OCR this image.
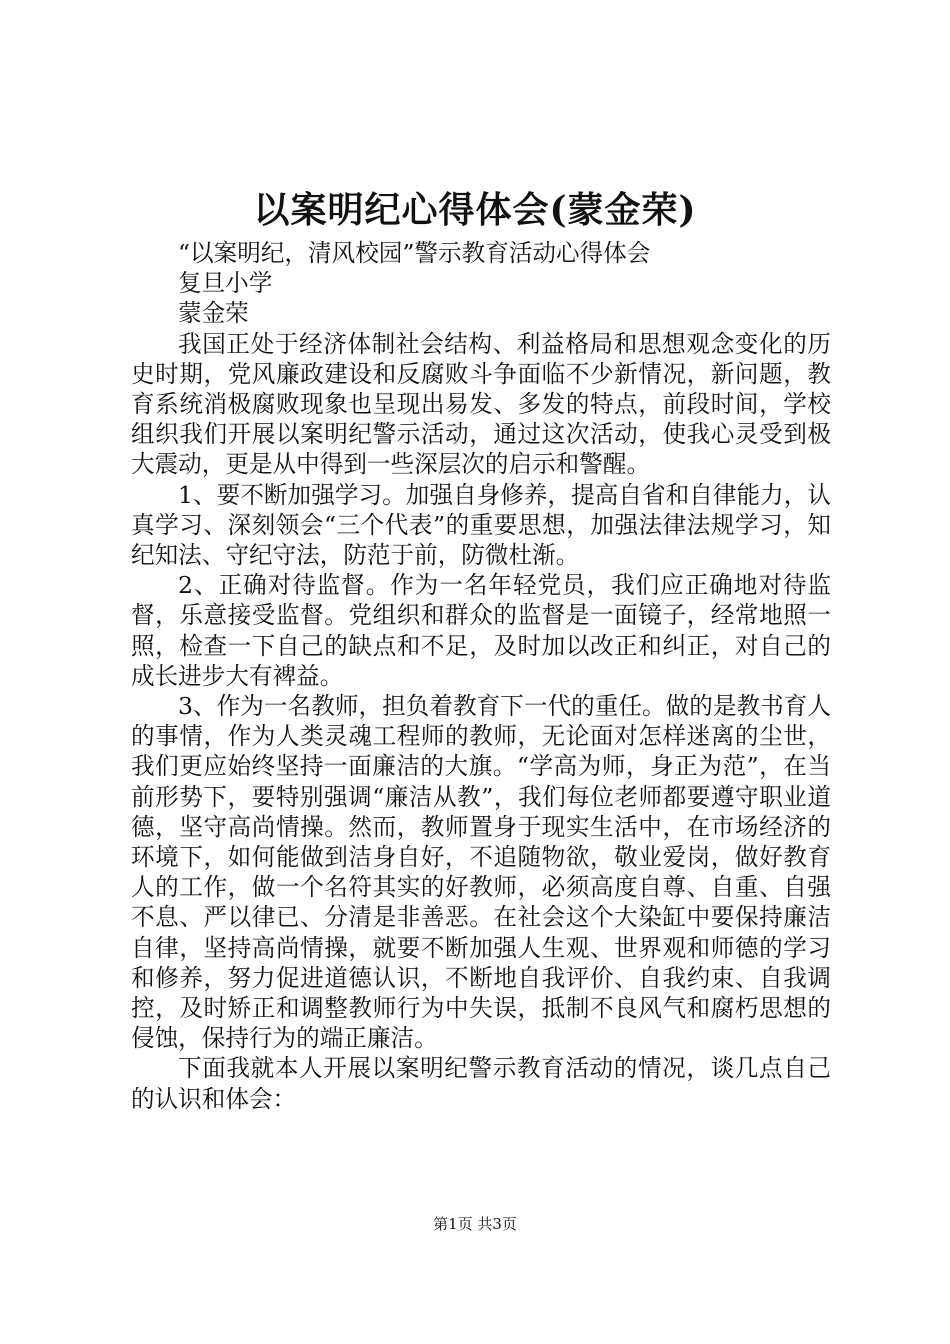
以案明纪心得体会(蒙金荣)

“以案明纪，清风校园”警示教育活动心得体会

复旦小学

蒙金荣

我国正处于经济体制社会结构、利益格局和思想观念变化的历史时期，党风廉政建设和反腐败斗争面临不少新情况，新问题，教育系统消极腐败现象也呈现出易发、多发的特点，前段时间，学校组织我们开展以案明纪警示活动，通过这次活动，使我心灵受到极大震动，更是从中得到一些深层次的启示和警醒。

1、要不断加强学习。加强自身修养，提高自省和自律能力，认真学习、深刻领会“三个代表”的重要思想，加强法律法规学习，知纪知法、守纪守法，防范于前，防微杜渐。

2、正确对待监督。作为一名年轻党员，我们应正确地对待监督，乐意接受监督。党组织和群众的监督是一面镜子，经常地照一照，检查一下自己的缺点和不足，及时加以改正和纠正，对自己的成长进步大有裨益。

3、作为一名教师，担负着教育下一代的重任。做的是教书育人的事情，作为人类灵魂工程师的教师，无论面对怎样迷离的尘世，我们更应始终坚持一面廉洁的大旗。“学高为师，身正为范”，在当前形势下，要特别强调“廉洁从教”，我们每位老师都要遵守职业道德，坚守高尚情操。然而，教师置身于现实生活中，在市场经济的环境下，如何能做到洁身自好，不追随物欲，敬业爱岗，做好教育人的工作，做一个名符其实的好教师，必须高度自尊、自重、自强不息、严以律已、分清是非善恶。在社会这个大染缸中要保持廉洁自律，坚持高尚情操，就要不断加强人生观、世界观和师德的学习和修养，努力促进道德认识，不断地自我评价、自我约束、自我调控，及时矫正和调整教师行为中失误，抵制不良风气和腐朽思想的侵蚀，保持行为的端正廉洁。

下面我就本人开展以案明纪警示教育活动的情况，谈几点自己的认识和体会：

第1页 共3页
